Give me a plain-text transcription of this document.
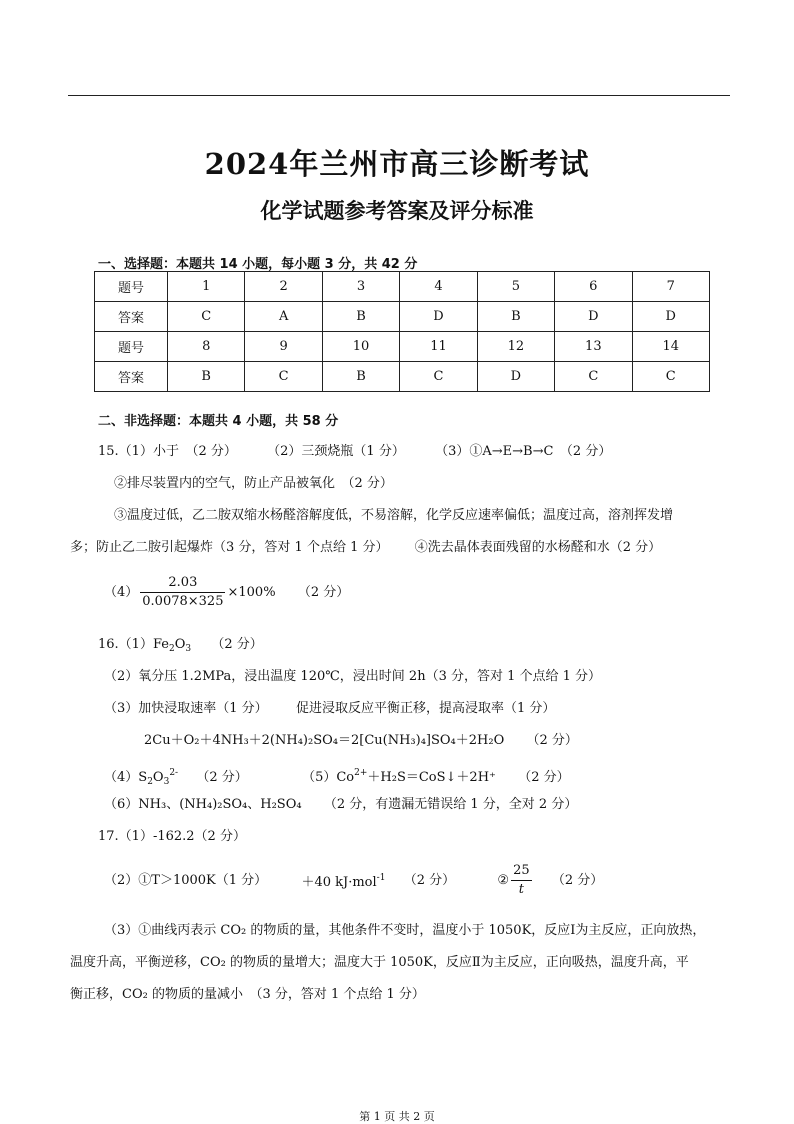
2024年兰州市高三诊断考试
化学试题参考答案及评分标准
一、选择题：本题共 14 小题，每小题 3 分，共 42 分
题号	1	2	3	4	5	6	7
答案	C	A	B	D	B	D	D
题号	8	9	10	11	12	13	14
答案	B	C	B	C	D	C	C
二、非选择题：本题共 4 小题，共 58 分
15.（1）小于　（2 分） （2）三颈烧瓶（1 分） （3）①A→E→B→C　（2 分）
②排尽装置内的空气，防止产品被氧化　（2 分）
③温度过低，乙二胺双缩水杨醛溶解度低，不易溶解，化学反应速率偏低；温度过高，溶剂挥发增
多；防止乙二胺引起爆炸（3 分，答对 1 个点给 1 分） ④洗去晶体表面残留的水杨醛和水（2 分）
$(4) \frac{2.03}{0.0078\times 325} \times 100\%$ （2 分）
$16.(1)Fe_2O_3$ （2 分）
（2）氧分压 1.2MPa，浸出温度 120℃，浸出时间 2h（3 分，答对 1 个点给 1 分）
（3）加快浸取速率（1 分） 促进浸取反应平衡正移，提高浸取率（1 分）
2Cu＋O₂＋4NH₃＋2(NH₄)₂SO₄＝2[Cu(NH₃)₄]SO₄＋2H₂O （2 分）
$(4)S_2O_3^{2-}$ （2 分）	$(5)Co^{2+}+H_2S=CoS↓+2H^+$ （2 分）
（6）NH₃、(NH₄)₂SO₄、H₂SO₄ （2 分，有遗漏无错误给 1 分，全对 2 分）
17.（1）-162.2（2 分）
（2）①T＞1000K（1 分）	＋40 kJ·mol$^{-1}$ （2 分）	② $\frac{25}{t} (2$ 分）
（3）①曲线丙表示 CO₂ 的物质的量，其他条件不变时，温度小于 1050K，反应Ⅰ为主反应，正向放热，
温度升高，平衡逆移，CO₂ 的物质的量增大；温度大于 1050K，反应Ⅱ为主反应，正向吸热，温度升高，平
衡正移，CO₂ 的物质的量减小　（3 分，答对 1 个点给 1 分）
第 1 页 共 2 页
